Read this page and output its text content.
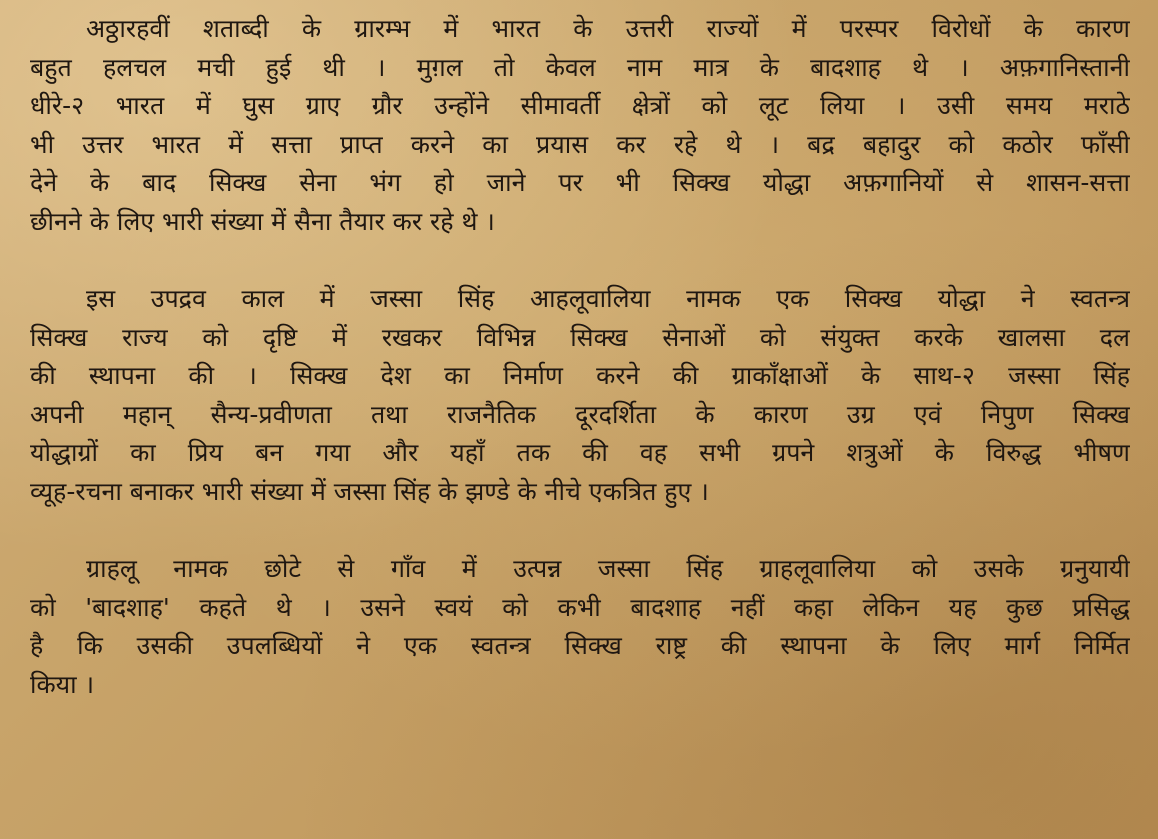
अठ्ठारहवीं शताब्दी के ग्रारम्भ में भारत के उत्तरी राज्यों में परस्पर विरोधों के कारण
बहुत हलचल मची हुई थी । मुग़ल तो केवल नाम मात्र के बादशाह थे । अफ़गानिस्तानी
धीरे-२ भारत में घुस ग्राए ग्रौर उन्होंने सीमावर्ती क्षेत्रों को लूट लिया । उसी समय मराठे
भी उत्तर भारत में सत्ता प्राप्त करने का प्रयास कर रहे थे । बद्र बहादुर को कठोर फाँसी
देने के बाद सिक्ख सेना भंग हो जाने पर भी सिक्ख योद्धा अफ़गानियों से शासन-सत्ता
छीनने के लिए भारी संख्या में सैना तैयार कर रहे थे ।
इस उपद्रव काल में जस्सा सिंह आहलूवालिया नामक एक सिक्ख योद्धा ने स्वतन्त्र
सिक्ख राज्य को दृष्टि में रखकर विभिन्न सिक्ख सेनाओं को संयुक्त करके खालसा दल
की स्थापना की । सिक्ख देश का निर्माण करने की ग्राकाँक्षाओं के साथ-२ जस्सा सिंह
अपनी महान् सैन्य-प्रवीणता तथा राजनैतिक दूरदर्शिता के कारण उग्र एवं निपुण सिक्ख
योद्धाग्रों का प्रिय बन गया और यहाँ तक की वह सभी ग्रपने शत्रुओं के विरुद्ध भीषण
व्यूह-रचना बनाकर भारी संख्या में जस्सा सिंह के झण्डे के नीचे एकत्रित हुए ।
ग्राहलू नामक छोटे से गाँव में उत्पन्न जस्सा सिंह ग्राहलूवालिया को उसके ग्रनुयायी
को 'बादशाह' कहते थे । उसने स्वयं को कभी बादशाह नहीं कहा लेकिन यह कुछ प्रसिद्ध
है कि उसकी उपलब्धियों ने एक स्वतन्त्र सिक्ख राष्ट्र की स्थापना के लिए मार्ग निर्मित
किया ।
